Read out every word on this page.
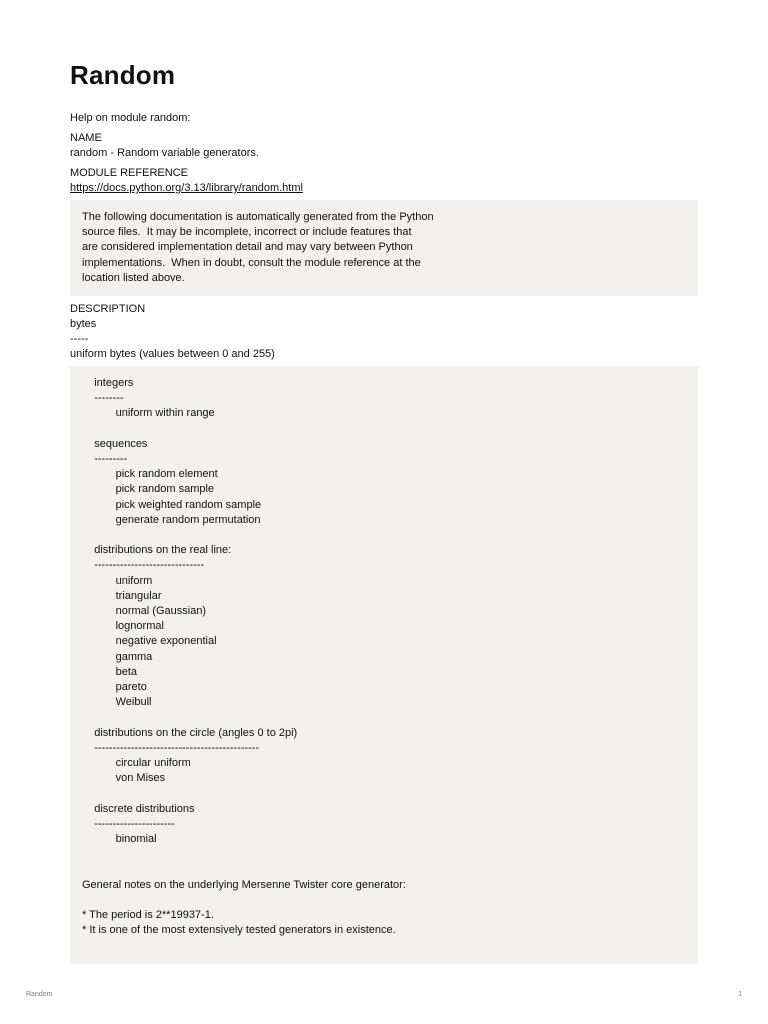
Random
Help on module random:
NAME
random - Random variable generators.
MODULE REFERENCE
https://docs.python.org/3.13/library/random.html
The following documentation is automatically generated from the Python
source files.  It may be incomplete, incorrect or include features that
are considered implementation detail and may vary between Python
implementations.  When in doubt, consult the module reference at the
location listed above.
DESCRIPTION
bytes
-----
uniform bytes (values between 0 and 255)
integers
--------
uniform within range

sequences
---------
pick random element
pick random sample
pick weighted random sample
generate random permutation

distributions on the real line:
------------------------------
uniform
triangular
normal (Gaussian)
lognormal
negative exponential
gamma
beta
pareto
Weibull

distributions on the circle (angles 0 to 2pi)
---------------------------------------------
circular uniform
von Mises

discrete distributions
----------------------
binomial

General notes on the underlying Mersenne Twister core generator:

* The period is 2**19937-1.
* It is one of the most extensively tested generators in existence.
Random	1
